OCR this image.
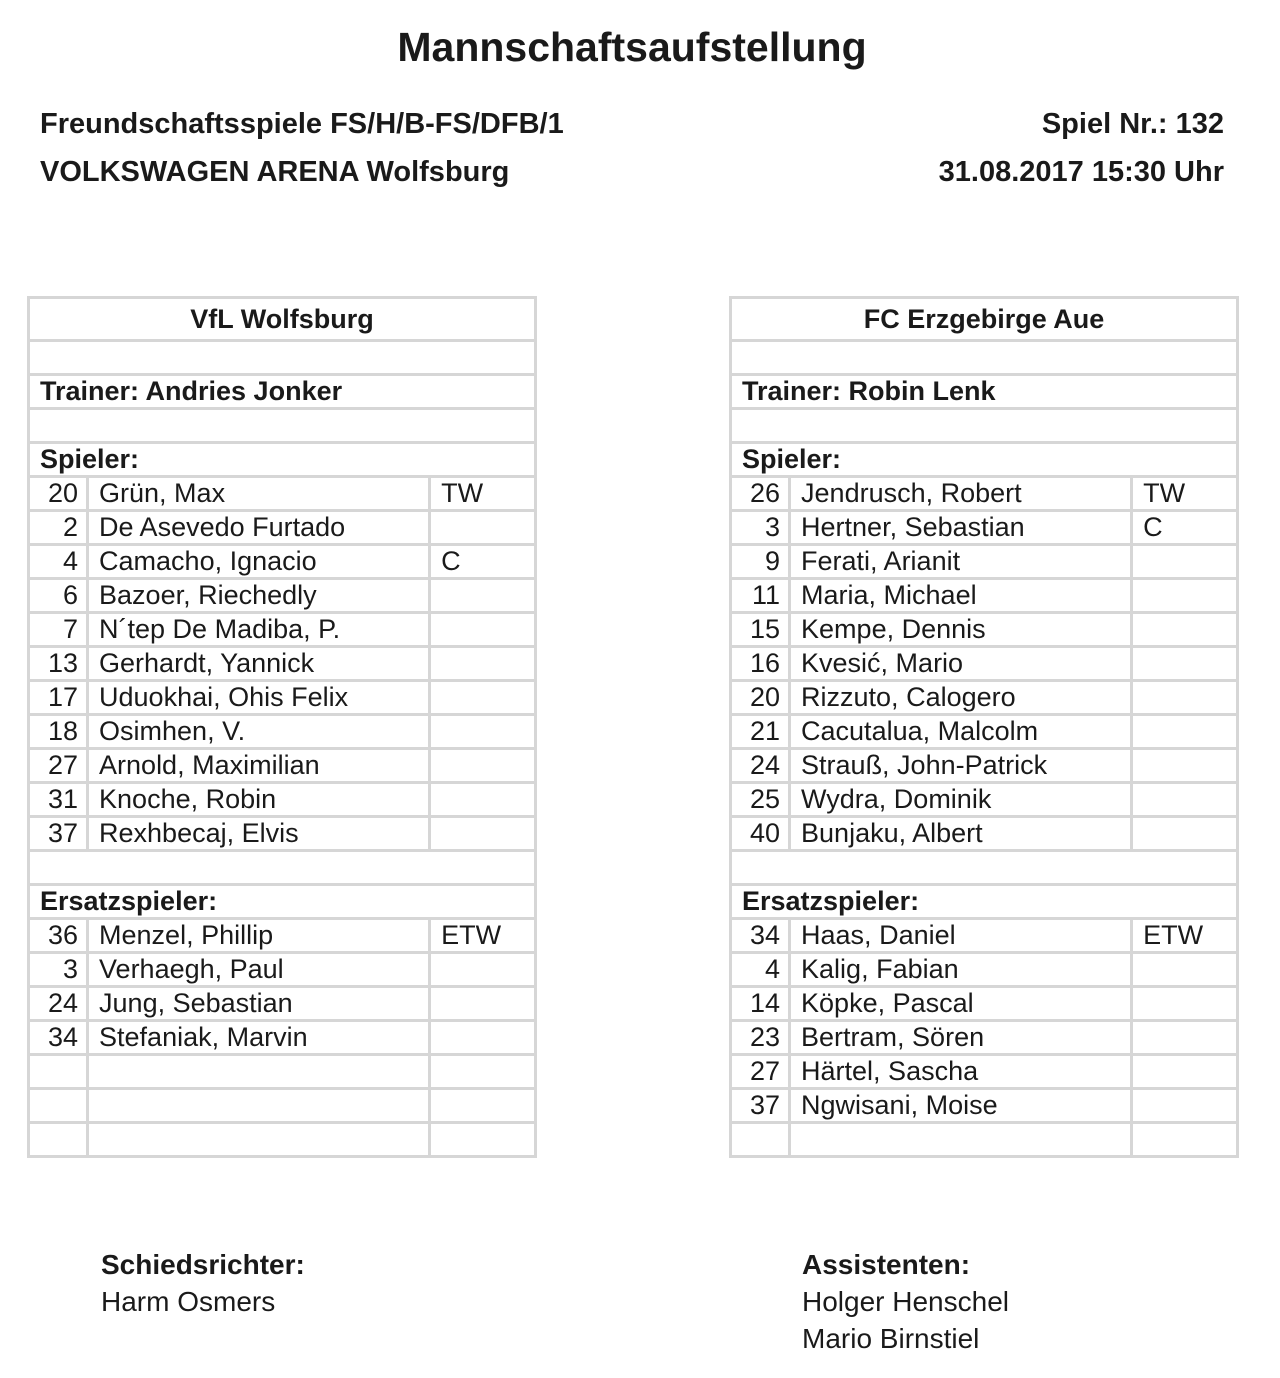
Mannschaftsaufstellung
Freundschaftsspiele FS/H/B-FS/DFB/1
VOLKSWAGEN ARENA Wolfsburg
Spiel Nr.: 132
31.08.2017 15:30 Uhr
VfL Wolfsburg		

Trainer: Andries Jonker		

Spieler:		
20	Grün, Max	TW
2	De Asevedo Furtado	
4	Camacho, Ignacio	C
6	Bazoer, Riechedly	
7	N´tep De Madiba, P.	
13	Gerhardt, Yannick	
17	Uduokhai, Ohis Felix	
18	Osimhen, V.	
27	Arnold, Maximilian	
31	Knoche, Robin	
37	Rexhbecaj, Elvis	

Ersatzspieler:		
36	Menzel, Phillip	ETW
3	Verhaegh, Paul	
24	Jung, Sebastian	
34	Stefaniak, Marvin	

FC Erzgebirge Aue		

Trainer: Robin Lenk		

Spieler:		
26	Jendrusch, Robert	TW
3	Hertner, Sebastian	C
9	Ferati, Arianit	
11	Maria, Michael	
15	Kempe, Dennis	
16	Kvesić, Mario	
20	Rizzuto, Calogero	
21	Cacutalua, Malcolm	
24	Strauß, John-Patrick	
25	Wydra, Dominik	
40	Bunjaku, Albert	

Ersatzspieler:		
34	Haas, Daniel	ETW
4	Kalig, Fabian	
14	Köpke, Pascal	
23	Bertram, Sören	
27	Härtel, Sascha	
37	Ngwisani, Moise	

Schiedsrichter:
Harm Osmers
Assistenten:
Holger Henschel
Mario Birnstiel
